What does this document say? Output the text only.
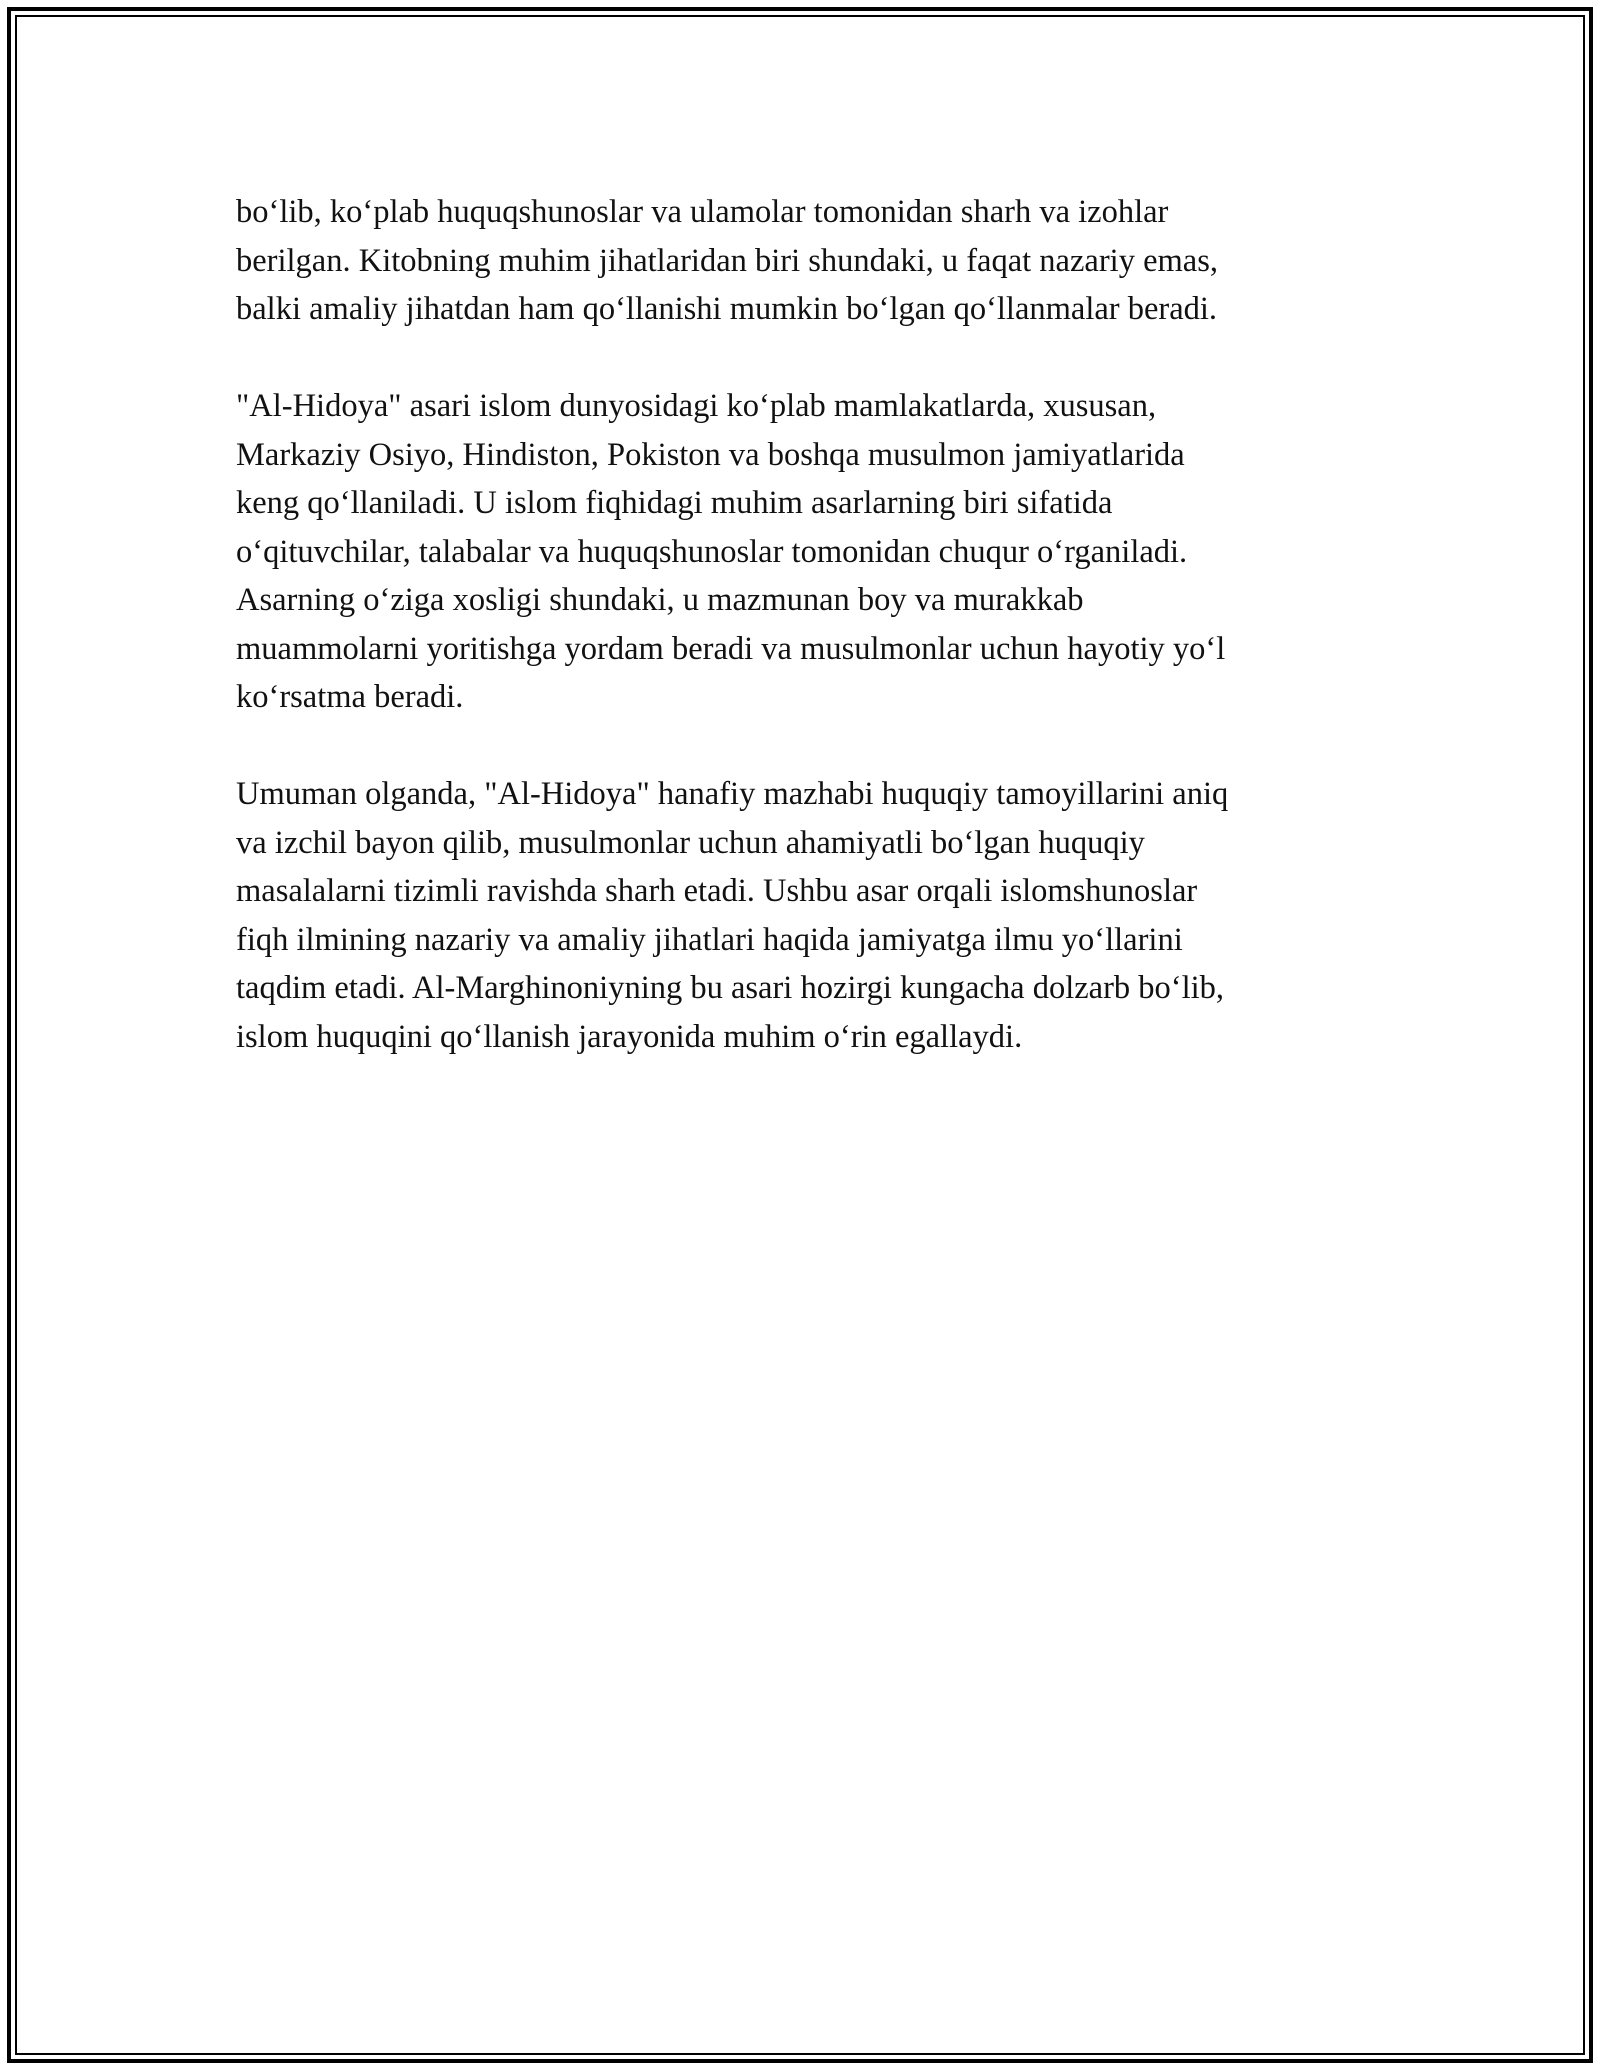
bo‘lib, ko‘plab huquqshunoslar va ulamolar tomonidan sharh va izohlar
berilgan. Kitobning muhim jihatlaridan biri shundaki, u faqat nazariy emas,
balki amaliy jihatdan ham qo‘llanishi mumkin bo‘lgan qo‘llanmalar beradi.

"Al-Hidoya" asari islom dunyosidagi ko‘plab mamlakatlarda, xususan,
Markaziy Osiyo, Hindiston, Pokiston va boshqa musulmon jamiyatlarida
keng qo‘llaniladi. U islom fiqhidagi muhim asarlarning biri sifatida
o‘qituvchilar, talabalar va huquqshunoslar tomonidan chuqur o‘rganiladi.
Asarning o‘ziga xosligi shundaki, u mazmunan boy va murakkab
muammolarni yoritishga yordam beradi va musulmonlar uchun hayotiy yo‘l
ko‘rsatma beradi.

Umuman olganda, "Al-Hidoya" hanafiy mazhabi huquqiy tamoyillarini aniq
va izchil bayon qilib, musulmonlar uchun ahamiyatli bo‘lgan huquqiy
masalalarni tizimli ravishda sharh etadi. Ushbu asar orqali islomshunoslar
fiqh ilmining nazariy va amaliy jihatlari haqida jamiyatga ilmu yo‘llarini
taqdim etadi. Al-Marghinoniyning bu asari hozirgi kungacha dolzarb bo‘lib,
islom huquqini qo‘llanish jarayonida muhim o‘rin egallaydi.
